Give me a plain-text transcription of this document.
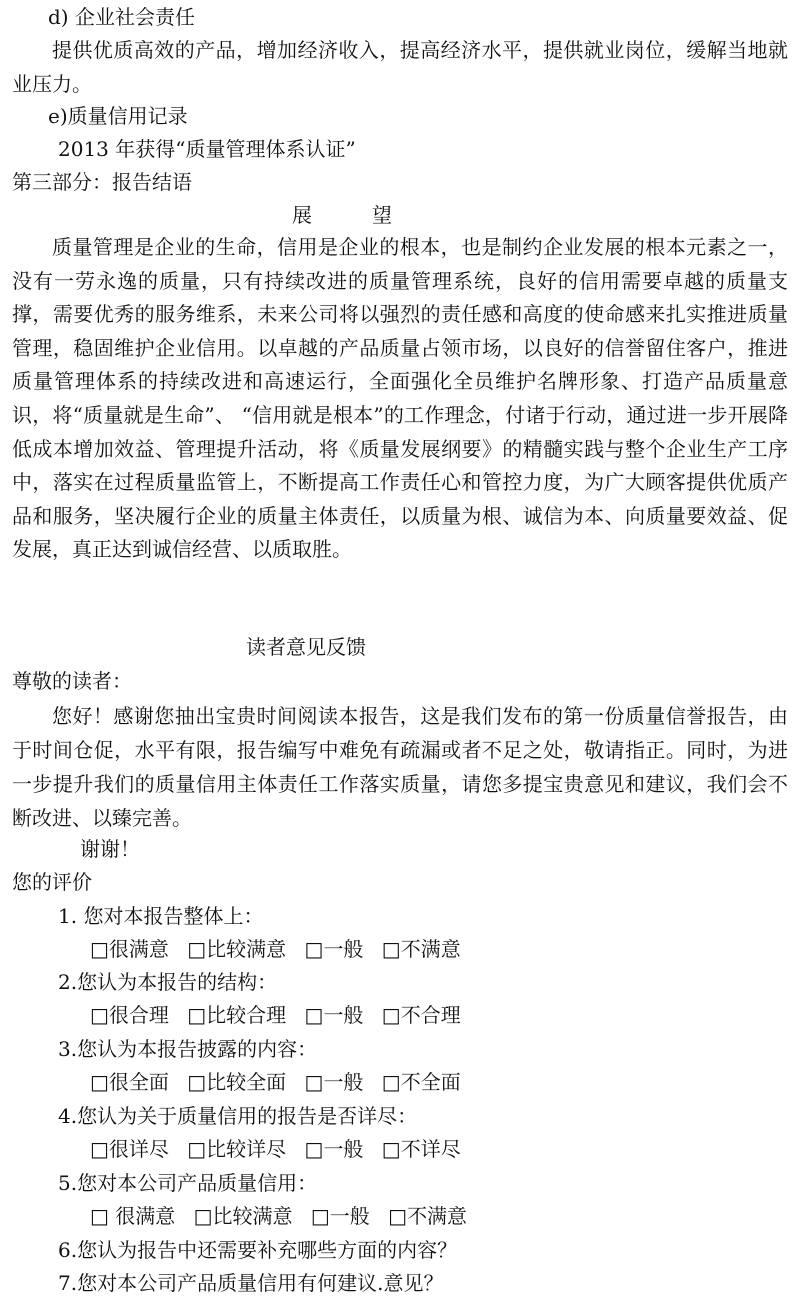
d) 企业社会责任
提供优质高效的产品，增加经济收入，提高经济水平，提供就业岗位，缓解当地就业压力。
e)质量信用记录
2013 年获得“质量管理体系认证”
第三部分：报告结语
展　　　望
质量管理是企业的生命，信用是企业的根本，也是制约企业发展的根本元素之一，没有一劳永逸的质量，只有持续改进的质量管理系统，良好的信用需要卓越的质量支撑，需要优秀的服务维系，未来公司将以强烈的责任感和高度的使命感来扎实推进质量管理，稳固维护企业信用。以卓越的产品质量占领市场，以良好的信誉留住客户，推进质量管理体系的持续改进和高速运行，全面强化全员维护名牌形象、打造产品质量意识，将“质量就是生命”、 “信用就是根本”的工作理念，付诸于行动，通过进一步开展降低成本增加效益、管理提升活动，将《质量发展纲要》的精髓实践与整个企业生产工序中，落实在过程质量监管上，不断提高工作责任心和管控力度，为广大顾客提供优质产品和服务，坚决履行企业的质量主体责任，以质量为根、诚信为本、向质量要效益、促发展，真正达到诚信经营、以质取胜。
读者意见反馈
尊敬的读者：
您好！感谢您抽出宝贵时间阅读本报告，这是我们发布的第一份质量信誉报告，由于时间仓促，水平有限，报告编写中难免有疏漏或者不足之处，敬请指正。同时，为进一步提升我们的质量信用主体责任工作落实质量，请您多提宝贵意见和建议，我们会不断改进、以臻完善。
谢谢！
您的评价
1. 您对本报告整体上：
□ 很满意 □ 比较满意 □ 一般 □ 不满意
2.您认为本报告的结构：
□ 很合理 □ 比较合理 □ 一般 □ 不合理
3.您认为本报告披露的内容：
□ 很全面 □ 比较全面 □ 一般 □ 不全面
4.您认为关于质量信用的报告是否详尽：
□ 很详尽 □ 比较详尽 □ 一般 □ 不详尽
5.您对本公司产品质量信用：
□ 很满意 □ 比较满意 □ 一般 □ 不满意
6.您认为报告中还需要补充哪些方面的内容？
7.您对本公司产品质量信用有何建议.意见？
